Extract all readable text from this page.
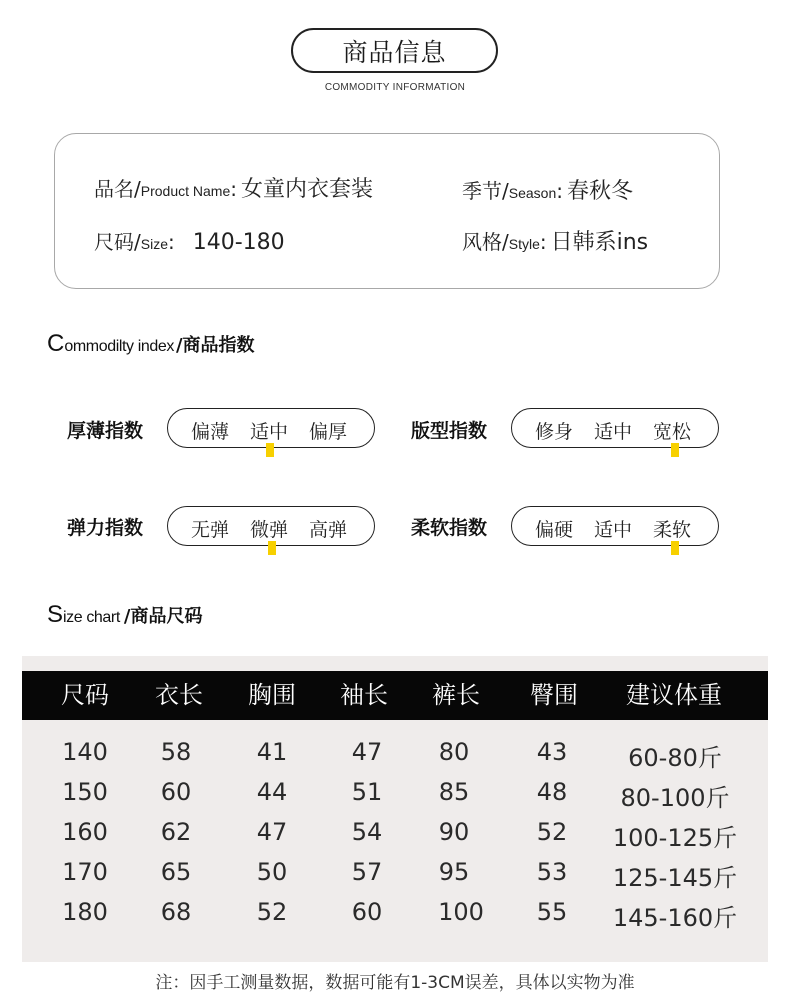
商品信息
COMMODITY INFORMATION
品名/ Product Name : 女童内衣套装	季节/ Season : 春秋冬
尺码/ Size : 140-180	风格/ Style : 日韩系ins
C ommodilty index /商品指数
厚薄指数	偏薄 适中 偏厚	版型指数	修身 适中 宽松
弹力指数	无弹 微弹 高弹	柔软指数	偏硬 适中 柔软
S ize chart /商品尺码
尺码 衣长 胸围 袖长 裤长 臀围 建议体重
140 58	41	47 80	43	60-80斤
150 60	44	51 85	48 80-100斤
160 62	47	54 90	52 100-125斤
170 65	50	57 95	53 125-145斤
180 68	52	60 100 55 145-160斤
注：因手工测量数据，数据可能有1-3CM误差，具体以实物为准
